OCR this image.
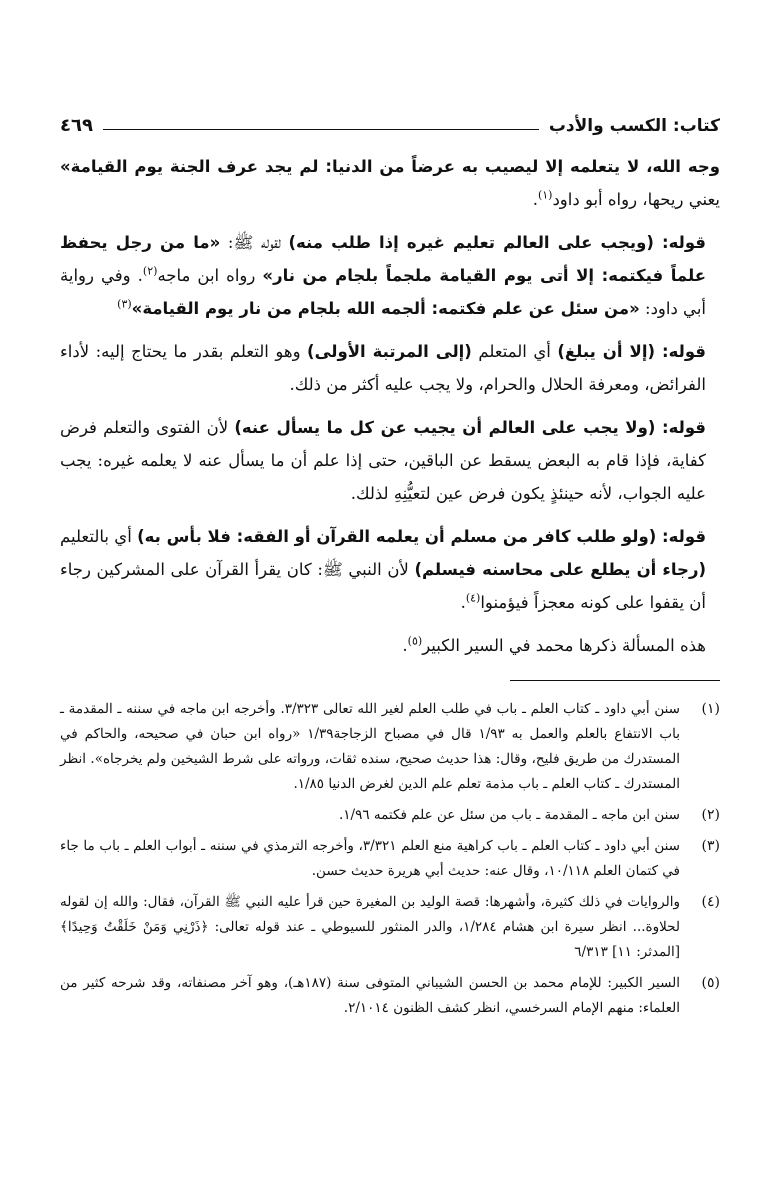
كتاب: الكسب والأدب
٤٦٩

وجه الله، لا يتعلمه إلا ليصيب به عرضاً من الدنيا: لم يجد عرف الجنة يوم القيامة» يعني ريحها، رواه أبو داود$^{(١)}$.

قوله: (ويجب على العالم تعليم غيره إذا طلب منه) لقوله ﷺ: «ما من رجل يحفظ علماً فيكتمه: إلا أتى يوم القيامة ملجماً بلجام من نار» رواه ابن ماجه$^{(٢)}$. وفي رواية أبي داود: «من سئل عن علم فكتمه: ألجمه الله بلجام من نار يوم القيامة»$^{(٣)}$

قوله: (إلا أن يبلغ) أي المتعلم (إلى المرتبة الأولى) وهو التعلم بقدر ما يحتاج إليه: لأداء الفرائض، ومعرفة الحلال والحرام، ولا يجب عليه أكثر من ذلك.

قوله: (ولا يجب على العالم أن يجيب عن كل ما يسأل عنه) لأن الفتوى والتعلم فرض كفاية، فإذا قام به البعض يسقط عن الباقين، حتى إذا علم أن ما يسأل عنه لا يعلمه غيره: يجب عليه الجواب، لأنه حينئذٍ يكون فرض عين لتعيُّنِهِ لذلك.

قوله: (ولو طلب كافر من مسلم أن يعلمه القرآن أو الفقه: فلا بأس به) أي بالتعليم (رجاء أن يطلع على محاسنه فيسلم) لأن النبي ﷺ: كان يقرأ القرآن على المشركين رجاء أن يقفوا على كونه معجزاً فيؤمنوا$^{(٤)}$.

هذه المسألة ذكرها محمد في السير الكبير$^{(٥)}$.

(١)
سنن أبي داود ـ كتاب العلم ـ باب في طلب العلم لغير الله تعالى ٣/٣٢٣. وأخرجه ابن ماجه في سننه ـ المقدمة ـ باب الانتفاع بالعلم والعمل به ١/٩٣ قال في مصباح الزجاجة١/٣٩ «رواه ابن حبان في صحيحه، والحاكم في المستدرك من طريق فليح، وقال: هذا حديث صحيح، سنده ثقات، ورواته على شرط الشيخين ولم يخرجاه». انظر المستدرك ـ كتاب العلم ـ باب مذمة تعلم علم الدين لغرض الدنيا ١/٨٥.
(٢)
سنن ابن ماجه ـ المقدمة ـ باب من سئل عن علم فكتمه ١/٩٦.
(٣)
سنن أبي داود ـ كتاب العلم ـ باب كراهية منع العلم ٣/٣٢١، وأخرجه الترمذي في سننه ـ أبواب العلم ـ باب ما جاء في كتمان العلم ١٠/١١٨، وقال عنه: حديث أبي هريرة حديث حسن.
(٤)
والروايات في ذلك كثيرة، وأشهرها: قصة الوليد بن المغيرة حين قرأ عليه النبي ﷺ القرآن، فقال: والله إن لقوله لحلاوة... انظر سيرة ابن هشام ١/٢٨٤، والدر المنثور للسيوطي ـ عند قوله تعالى: ﴿ذَرْنِي وَمَنْ خَلَقْتُ وَحِيدًا﴾ [المدثر: ١١] ٦/٣١٣
(٥)
السير الكبير: للإمام محمد بن الحسن الشيباني المتوفى سنة (١٨٧هـ)، وهو آخر مصنفاته، وقد شرحه كثير من العلماء: منهم الإمام السرخسي، انظر كشف الظنون ٢/١٠١٤.
